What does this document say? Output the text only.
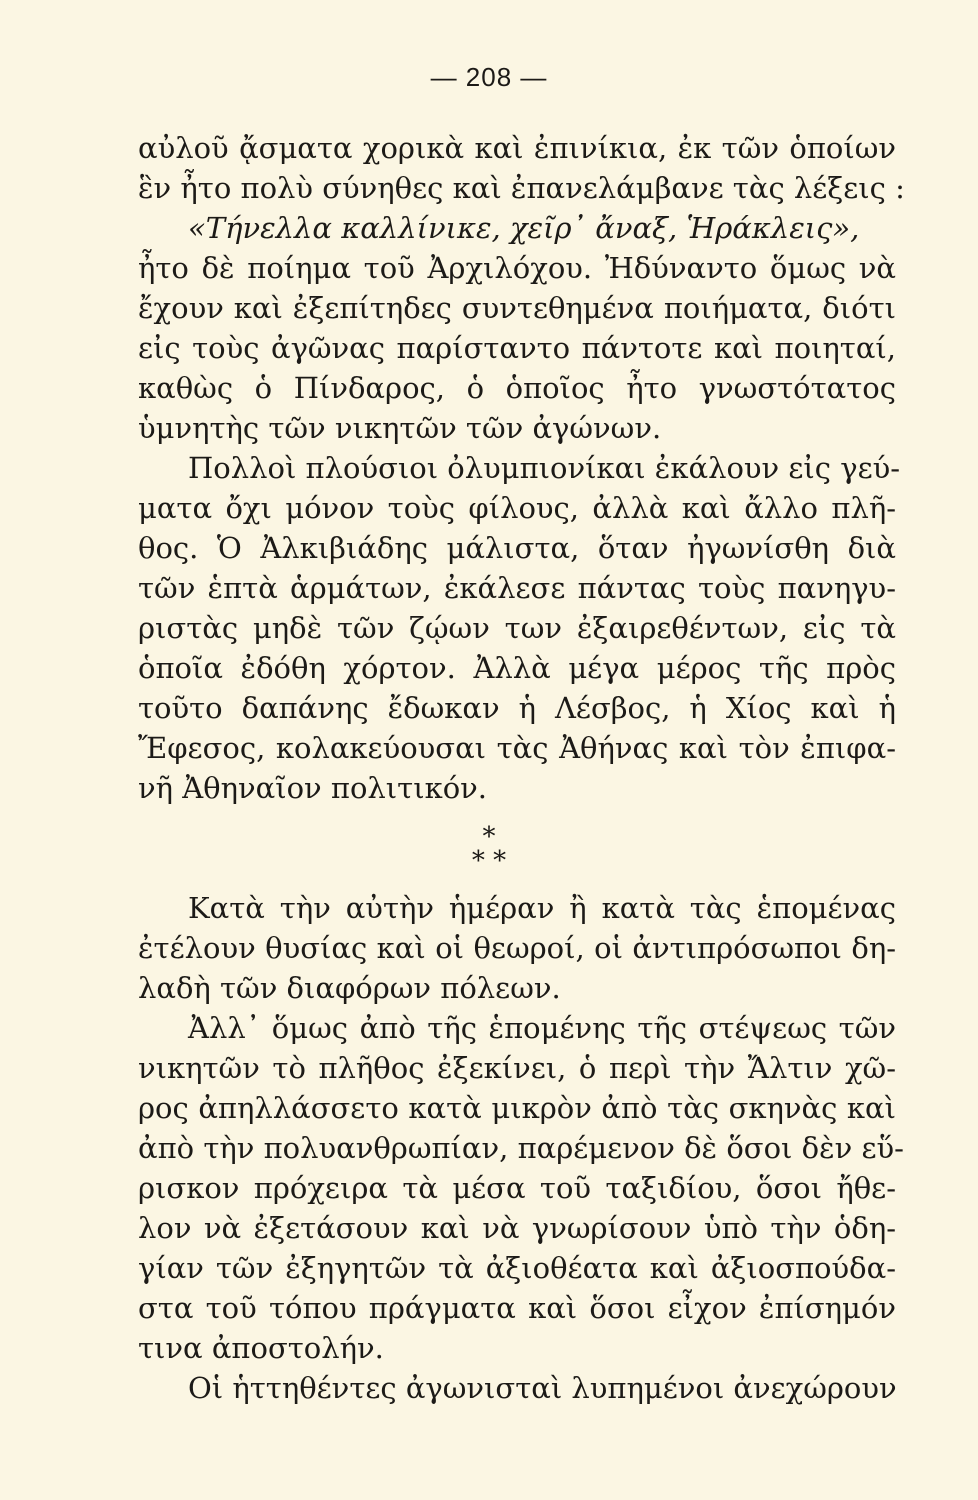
— 208 —
αὐλοῦ ᾄσματα χορικὰ καὶ ἐπινίκια, ἐκ τῶν ὁποίων
ἓν ἦτο πολὺ σύνηθες καὶ ἐπανελάμβανε τὰς λέξεις :
«Τήνελλα καλλίνικε, χεῖρ᾽ ἄναξ, Ἡράκλεις»,
ἦτο δὲ ποίημα τοῦ Ἀρχιλόχου. Ἠδύναντο ὅμως νὰ
ἔχουν καὶ ἐξεπίτηδες συντεθημένα ποιήματα, διότι
εἰς τοὺς ἀγῶνας παρίσταντο πάντοτε καὶ ποιηταί,
καθὼς ὁ Πίνδαρος, ὁ ὁποῖος ἦτο γνωστότατος
ὑμνητὴς τῶν νικητῶν τῶν ἀγώνων.
Πολλοὶ πλούσιοι ὀλυμπιονίκαι ἐκάλουν εἰς γεύ-
ματα ὄχι μόνον τοὺς φίλους, ἀλλὰ καὶ ἄλλο πλῆ-
θος. Ὁ Ἀλκιβιάδης μάλιστα, ὅταν ἠγωνίσθη διὰ
τῶν ἑπτὰ ἁρμάτων, ἐκάλεσε πάντας τοὺς πανηγυ-
ριστὰς μηδὲ τῶν ζῴων των ἐξαιρεθέντων, εἰς τὰ
ὁποῖα ἐδόθη χόρτον. Ἀλλὰ μέγα μέρος τῆς πρὸς
τοῦτο δαπάνης ἔδωκαν ἡ Λέσβος, ἡ Χίος καὶ ἡ
Ἔφεσος, κολακεύουσαι τὰς Ἀθήνας καὶ τὸν ἐπιφα-
νῆ Ἀθηναῖον πολιτικόν.
*
* *
Κατὰ τὴν αὐτὴν ἡμέραν ἢ κατὰ τὰς ἑπομένας
ἐτέλουν θυσίας καὶ οἱ θεωροί, οἱ ἀντιπρόσωποι δη-
λαδὴ τῶν διαφόρων πόλεων.
Ἀλλ᾽ ὅμως ἀπὸ τῆς ἑπομένης τῆς στέψεως τῶν
νικητῶν τὸ πλῆθος ἐξεκίνει, ὁ περὶ τὴν Ἄλτιν χῶ-
ρος ἀπηλλάσσετο κατὰ μικρὸν ἀπὸ τὰς σκηνὰς καὶ
ἀπὸ τὴν πολυανθρωπίαν, παρέμενον δὲ ὅσοι δὲν εὕ-
ρισκον πρόχειρα τὰ μέσα τοῦ ταξιδίου, ὅσοι ἤθε-
λον νὰ ἐξετάσουν καὶ νὰ γνωρίσουν ὑπὸ τὴν ὁδη-
γίαν τῶν ἐξηγητῶν τὰ ἀξιοθέατα καὶ ἀξιοσπούδα-
στα τοῦ τόπου πράγματα καὶ ὅσοι εἶχον ἐπίσημόν
τινα ἀποστολήν.
Οἱ ἡττηθέντες ἀγωνισταὶ λυπημένοι ἀνεχώρουν
